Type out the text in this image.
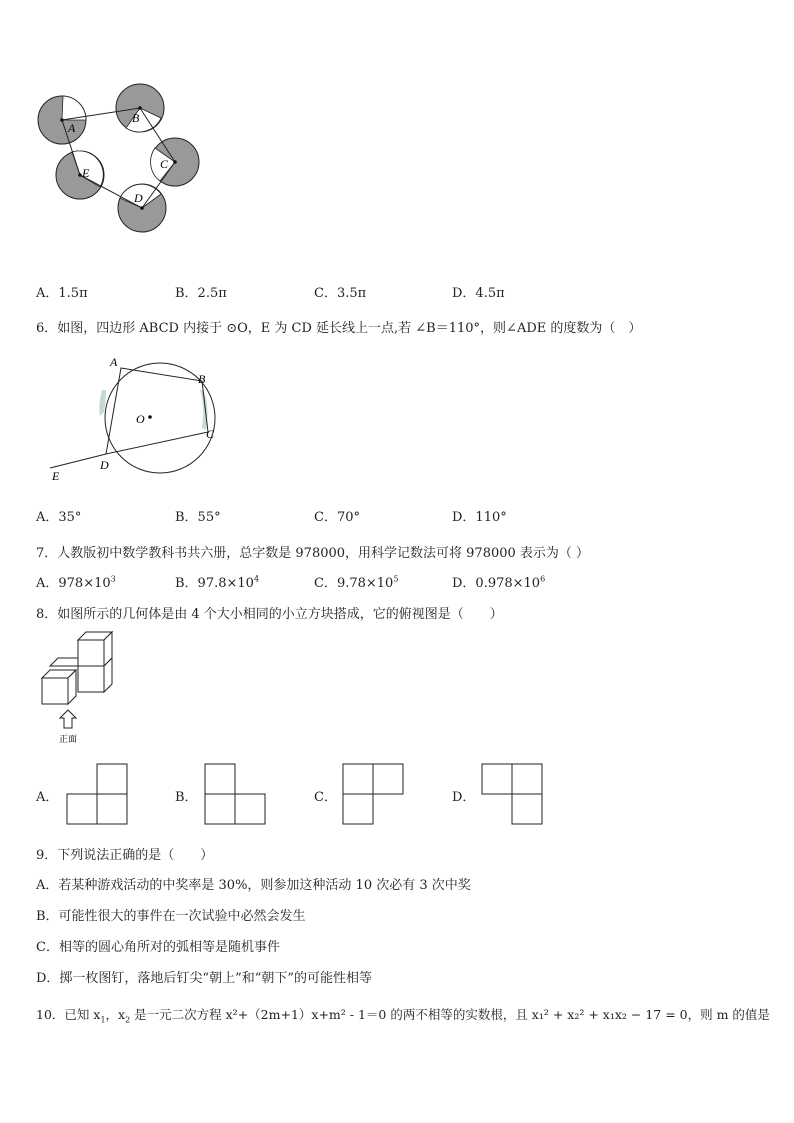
A
B
C
D
E
A．1.5π	B．2.5π	C．3.5π	D．4.5π
6．如图，四边形 ABCD 内接于 ⊙O，E 为 CD 延长线上一点,若 ∠B＝110°，则∠ADE 的度数为（　）
A
B
C
D
E
O
A．35°	B．55°	C．70°	D．110°
7．人教版初中数学教科书共六册，总字数是 978000，用科学记数法可将 978000 表示为（ ）
A．$978\times 10^3$	B．$97.8\times 10^4$	C．$9.78\times 10^5$	D．$0.978\times 10^6$
8．如图所示的几何体是由 4 个大小相同的小立方块搭成，它的俯视图是（　　）
正面
A．	B．	C．	D．
9．下列说法正确的是（　　）
A．若某种游戏活动的中奖率是 30%，则参加这种活动 10 次必有 3 次中奖
B．可能性很大的事件在一次试验中必然会发生
C．相等的圆心角所对的弧相等是随机事件
D．掷一枚图钉，落地后钉尖“朝上”和“朝下”的可能性相等
10．已知 $x_1$，$x_2$ 是一元二次方程 x²+（2m+1）x+m² - 1＝0 的两不相等的实数根，且 x₁² + x₂² + x₁x₂ − 17 = 0，则 m 的值是
